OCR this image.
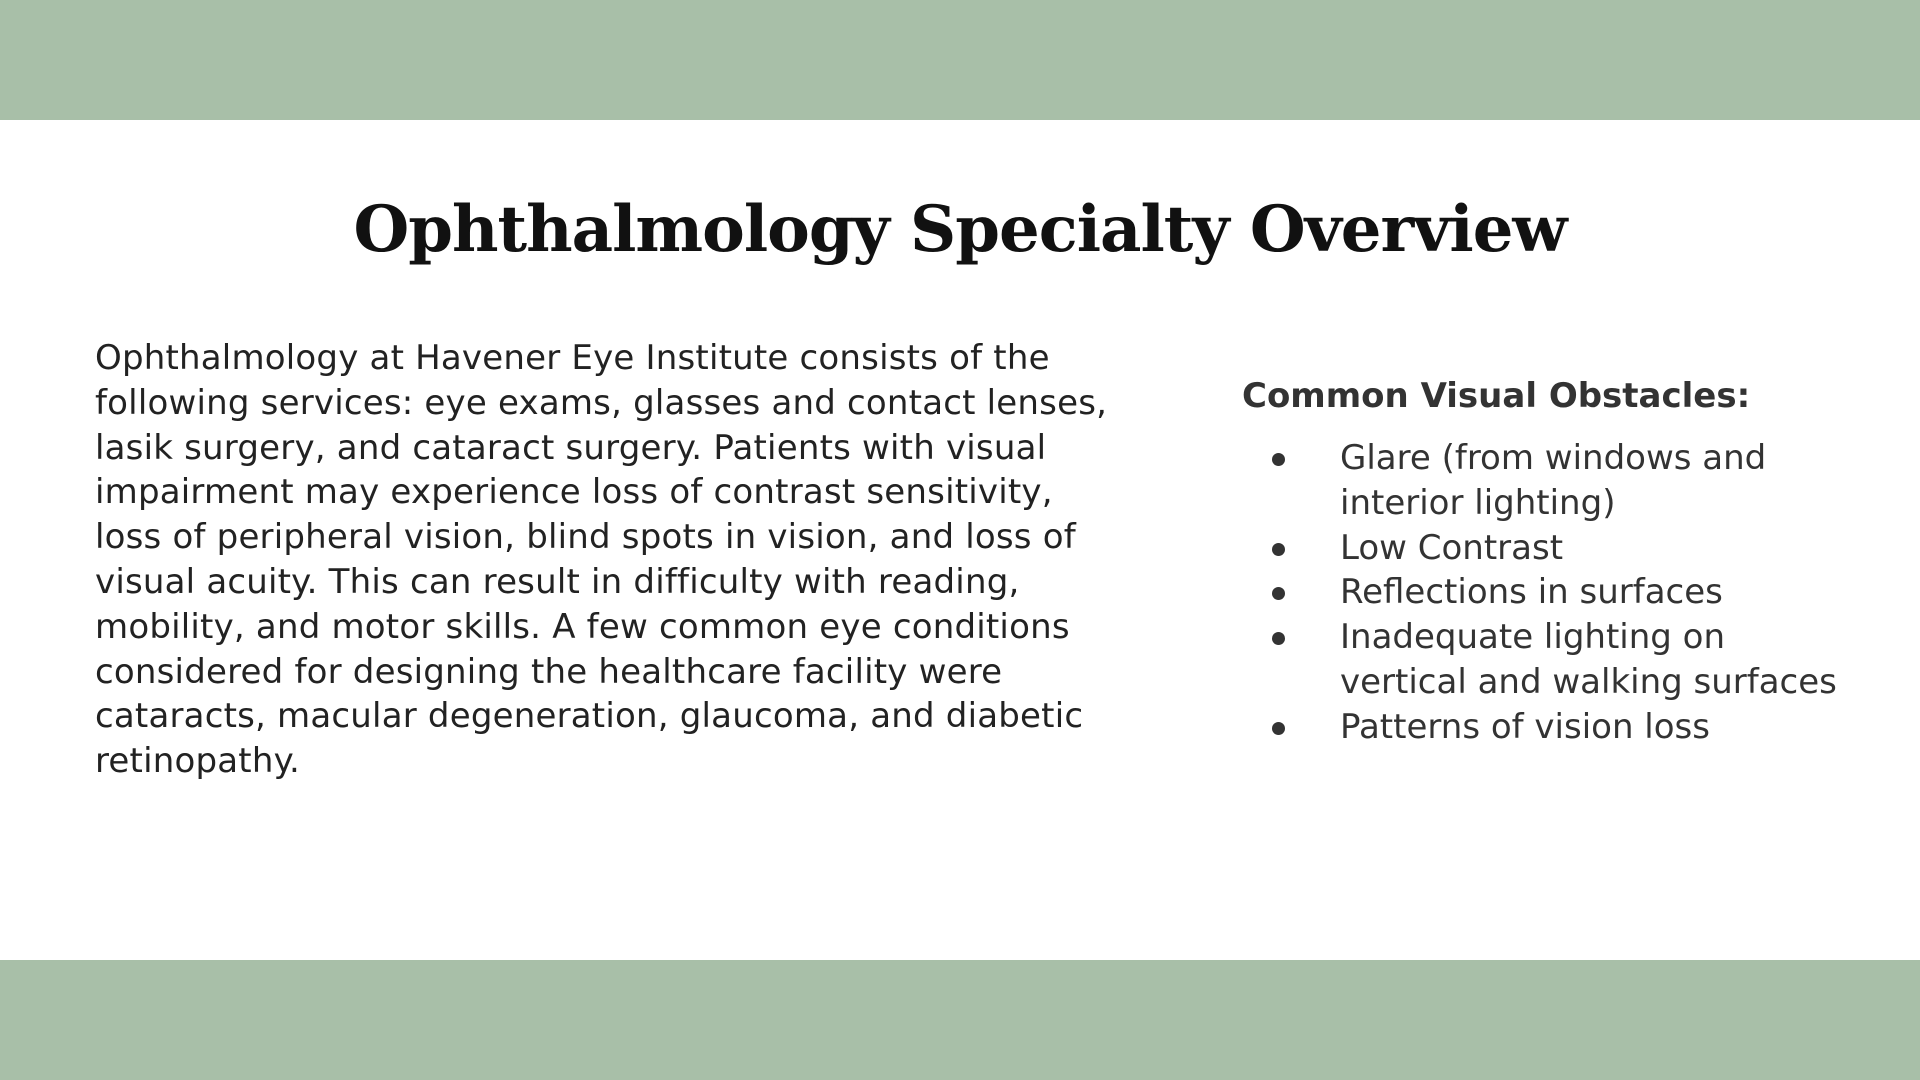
Ophthalmology Specialty Overview

Ophthalmology at Havener Eye Institute consists of the following services: eye exams, glasses and contact lenses, lasik surgery, and cataract surgery. Patients with visual impairment may experience loss of contrast sensitivity, loss of peripheral vision, blind spots in vision, and loss of visual acuity. This can result in difficulty with reading, mobility, and motor skills. A few common eye conditions considered for designing the healthcare facility were cataracts, macular degeneration, glaucoma, and diabetic retinopathy.

Common Visual Obstacles:
Glare (from windows and interior lighting)
Low Contrast
Reflections in surfaces
Inadequate lighting on vertical and walking surfaces
Patterns of vision loss
